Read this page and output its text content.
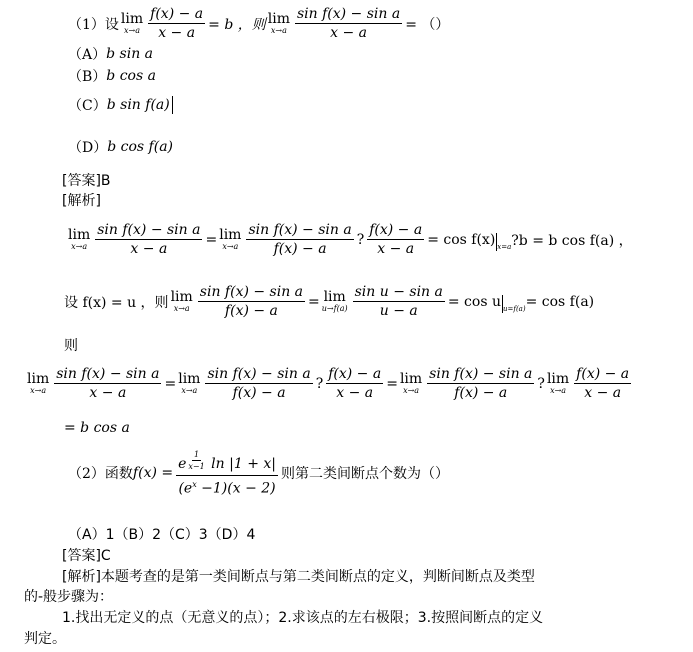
（1）设 lim
$x\to a \frac{f(x) - a}{x - a} = b$ ，则 lim
$x\to a \frac{\text{sin f(x) − sin a}}{x - a}$ = （）
（A） b sin a
（B） b cos a
（C） b sin f(a)
（D） b cos f(a)
[答案]B
[解析]
lim
$x\to a \frac{\text{sin f(x) − sin a}}{x - a} = \lim$
$x\to a \frac{\text{sin f(x) − sin a}}{f(x) - a}$ ? $\frac{f(x) - a}{x - a} = \cos f(x)$ x=a ?b = b cos f(a) ，
设 f(x) = u ，则 lim
$x\to a \frac{\text{sin f(x) − sin a}}{f(x) - a} = \lim$
$u\to f(a) \frac{\text{sin u − sin a}}{u - a} = \cos u$ u=f(a) = cos f(a)
则
lim
$x\to a \frac{\text{sin f(x) − sin a}}{x - a} = \lim$
$x\to a \frac{\text{sin f(x) − sin a}}{f(x) - a}$ ? $\frac{f(x) - a}{x - a} = \lim$
$x\to a \frac{\text{sin f(x) − sin a}}{f(x) - a}$ ? lim
$x\to a \frac{f(x) - a}{x - a}$
= b cos a
（2）函数 f(x) = e $^{\frac{1}{x-1}}$ ln |1 + x|
$(e^x -1)(x - 2)$ 则第二类间断点个数为（）
（A）1（B）2（C）3（D）4
[答案]C
[解析]本题考查的是第一类间断点与第二类间断点的定义，判断间断点及类型
的-般步骤为：
1.找出无定义的点（无意义的点）；2.求该点的左右极限；3.按照间断点的定义
判定。
